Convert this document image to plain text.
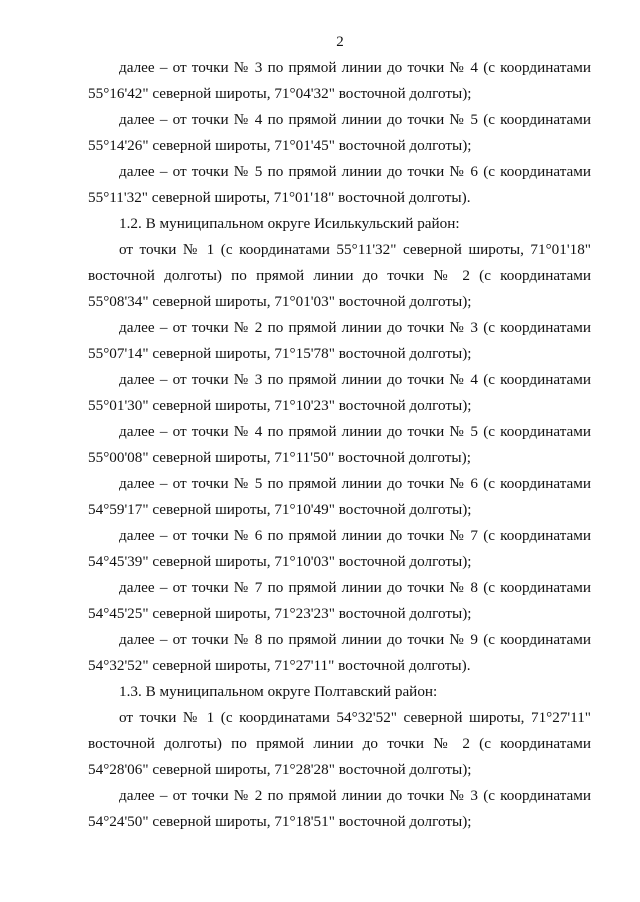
2

далее – от точки № 3 по прямой линии до точки № 4 (с координатами 55°16'42" северной широты, 71°04'32" восточной долготы);

далее – от точки № 4 по прямой линии до точки № 5 (с координатами 55°14'26" северной широты, 71°01'45" восточной долготы);

далее – от точки № 5 по прямой линии до точки № 6 (с координатами 55°11'32" северной широты, 71°01'18" восточной долготы).

1.2. В муниципальном округе Исилькульский район:

от точки № 1 (с координатами 55°11'32" северной широты, 71°01'18" восточной долготы) по прямой линии до точки № 2 (с координатами 55°08'34" северной широты, 71°01'03" восточной долготы);

далее – от точки № 2 по прямой линии до точки № 3 (с координатами 55°07'14" северной широты, 71°15'78" восточной долготы);

далее – от точки № 3 по прямой линии до точки № 4 (с координатами 55°01'30" северной широты, 71°10'23" восточной долготы);

далее – от точки № 4 по прямой линии до точки № 5 (с координатами 55°00'08" северной широты, 71°11'50" восточной долготы);

далее – от точки № 5 по прямой линии до точки № 6 (с координатами 54°59'17" северной широты, 71°10'49" восточной долготы);

далее – от точки № 6 по прямой линии до точки № 7 (с координатами 54°45'39" северной широты, 71°10'03" восточной долготы);

далее – от точки № 7 по прямой линии до точки № 8 (с координатами 54°45'25" северной широты, 71°23'23" восточной долготы);

далее – от точки № 8 по прямой линии до точки № 9 (с координатами 54°32'52" северной широты, 71°27'11" восточной долготы).

1.3. В муниципальном округе Полтавский район:

от точки № 1 (с координатами 54°32'52" северной широты, 71°27'11" восточной долготы) по прямой линии до точки № 2 (с координатами 54°28'06" северной широты, 71°28'28" восточной долготы);

далее – от точки № 2 по прямой линии до точки № 3 (с координатами 54°24'50" северной широты, 71°18'51" восточной долготы);
